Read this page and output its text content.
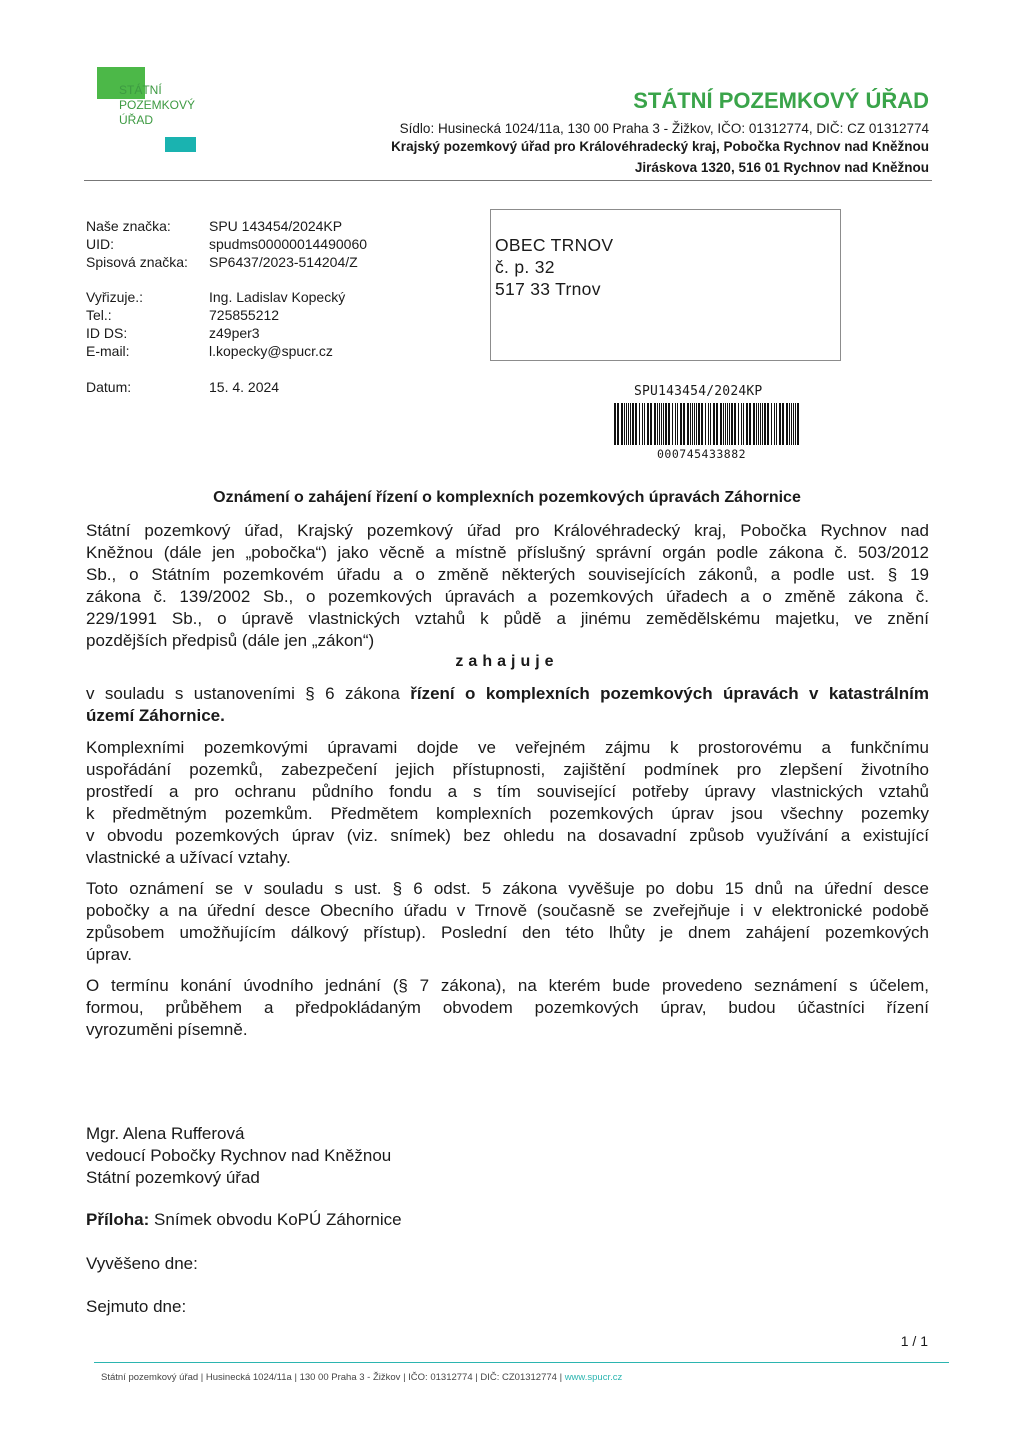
STÁTNÍ
POZEMKOVÝ
ÚŘAD
STÁTNÍ POZEMKOVÝ ÚŘAD
Sídlo: Husinecká 1024/11a, 130 00 Praha 3 - Žižkov, IČO: 01312774, DIČ: CZ 01312774
Krajský pozemkový úřad pro Královéhradecký kraj, Pobočka Rychnov nad Kněžnou
Jiráskova 1320, 516 01 Rychnov nad Kněžnou
Naše značka:	SPU 143454/2024KP
UID:	spudms00000014490060
Spisová značka: SP6437/2023-514204/Z
Vyřizuje.:	Ing. Ladislav Kopecký
Tel.:	725855212
ID DS:	z49per3
E-mail:	l.kopecky@spucr.cz
Datum:	15. 4. 2024
OBEC TRNOV
č. p. 32
517 33 Trnov
SPU143454/2024KP
000745433882
Oznámení o zahájení řízení o komplexních pozemkových úpravách Záhornice
Státní pozemkový úřad, Krajský pozemkový úřad pro Královéhradecký kraj, Pobočka Rychnov nad
Kněžnou (dále jen „pobočka“) jako věcně a místně příslušný správní orgán podle zákona č. 503/2012
Sb., o Státním pozemkovém úřadu a o změně některých souvisejících zákonů, a podle ust. § 19
zákona č. 139/2002 Sb., o pozemkových úpravách a pozemkových úřadech a o změně zákona č.
229/1991 Sb., o úpravě vlastnických vztahů k půdě a jinému zemědělskému majetku, ve znění
pozdějších předpisů (dále jen „zákon“)
zahajuje
v souladu s ustanoveními § 6 zákona řízení o komplexních pozemkových úpravách v katastrálním
území Záhornice.
Komplexními pozemkovými úpravami dojde ve veřejném zájmu k prostorovému a funkčnímu
uspořádání pozemků, zabezpečení jejich přístupnosti, zajištění podmínek pro zlepšení životního
prostředí a pro ochranu půdního fondu a s tím související potřeby úpravy vlastnických vztahů
k předmětným pozemkům. Předmětem komplexních pozemkových úprav jsou všechny pozemky
v obvodu pozemkových úprav (viz. snímek) bez ohledu na dosavadní způsob využívání a existující
vlastnické a užívací vztahy.
Toto oznámení se v souladu s ust. § 6 odst. 5 zákona vyvěšuje po dobu 15 dnů na úřední desce
pobočky a na úřední desce Obecního úřadu v Trnově (současně se zveřejňuje i v elektronické podobě
způsobem umožňujícím dálkový přístup). Poslední den této lhůty je dnem zahájení pozemkových
úprav.
O termínu konání úvodního jednání (§ 7 zákona), na kterém bude provedeno seznámení s účelem,
formou, průběhem a předpokládaným obvodem pozemkových úprav, budou účastníci řízení
vyrozuměni písemně.
Mgr. Alena Rufferová
vedoucí Pobočky Rychnov nad Kněžnou
Státní pozemkový úřad
Příloha: Snímek obvodu KoPÚ Záhornice
Vyvěšeno dne:
Sejmuto dne:
1 / 1
Státní pozemkový úřad | Husinecká 1024/11a | 130 00 Praha 3 - Žižkov | IČO: 01312774 | DIČ: CZ01312774 | www.spucr.cz
